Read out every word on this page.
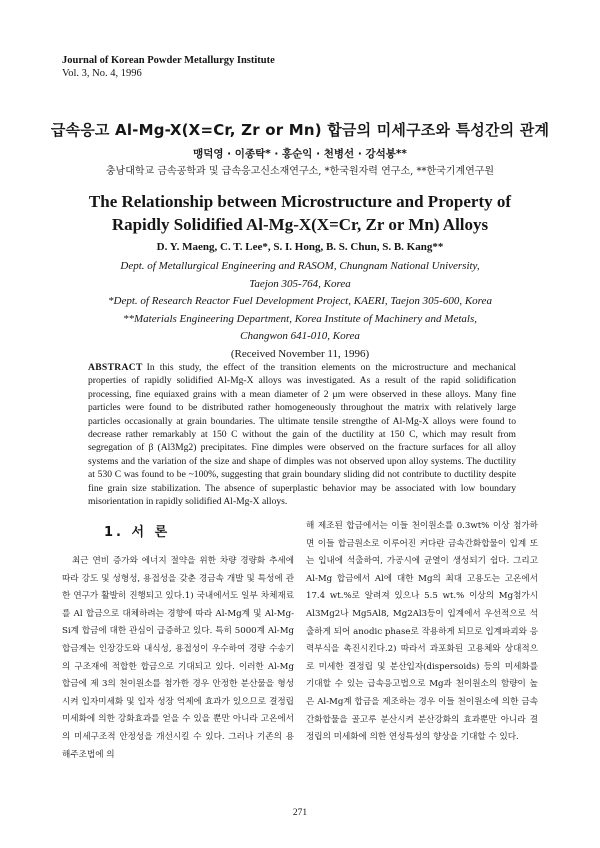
Journal of Korean Powder Metallurgy Institute
Vol. 3, No. 4, 1996
급속응고 Al-Mg-X(X=Cr, Zr or Mn) 합금의 미세구조와 특성간의 관계
맹덕영 · 이종탁* · 홍순익 · 천병선 · 강석봉**
충남대학교 금속공학과 및 급속응고신소재연구소, *한국원자력 연구소, **한국기계연구원
The Relationship between Microstructure and Property of
Rapidly Solidified Al-Mg-X(X=Cr, Zr or Mn) Alloys
D. Y. Maeng, C. T. Lee*, S. I. Hong, B. S. Chun, S. B. Kang**
Dept. of Metallurgical Engineering and RASOM, Chungnam National University,
Taejon 305-764, Korea
*Dept. of Research Reactor Fuel Development Project, KAERI, Taejon 305-600, Korea
**Materials Engineering Department, Korea Institute of Machinery and Metals,
Changwon 641-010, Korea
(Received November 11, 1996)
ABSTRACT In this study, the effect of the transition elements on the microstructure and mechanical properties of rapidly solidified Al-Mg-X alloys was investigated. As a result of the rapid solidification processing, fine equiaxed grains with a mean diameter of 2 μm were observed in these alloys. Many fine particles were found to be distributed rather homogeneously throughout the matrix with relatively large particles occasionally at grain boundaries. The ultimate tensile strengthe of Al-Mg-X alloys were found to decrease rather remarkably at 150 C without the gain of the ductility at 150 C, which may result from segregation of β (Al3Mg2) precipitates. Fine dimples were observed on the fracture surfaces for all alloy systems and the variation of the size and shape of dimples was not observed upon alloy systems. The ductility at 530 C was found to be ~100%, suggesting that grain boundary sliding did not contribute to ductility despite fine grain size stabilization. The absence of superplastic behavior may be associated with low boundary misorientation in rapidly solidified Al-Mg-X alloys.
1. 서 론

최근 연비 증가와 에너지 절약을 위한 차량 경량화 추세에 따라 강도 및 성형성, 용접성을 갖춘 경금속 개발 및 특성에 관한 연구가 활발히 진행되고 있다.1) 국내에서도 일부 차체재료를 Al 합금으로 대체하려는 경향에 따라 Al-Mg계 및 Al-Mg-Si계 합금에 대한 관심이 급증하고 있다. 특히 5000계 Al-Mg 합금계는 인장강도와 내식성, 용접성이 우수하여 경량 수송기의 구조재에 적합한 합금으로 기대되고 있다. 이러한 Al-Mg 합금에 제 3의 천이원소를 첨가한 경우 안정한 분산물을 형성시켜 입자미세화 및 입자 성장 억제에 효과가 있으므로 결정립미세화에 의한 강화효과를 얻을 수 있을 뿐만 아니라 고온에서의 미세구조적 안정성을 개선시킬 수 있다. 그러나 기존의 용해주조법에 의

해 제조된 합금에서는 이들 천이원소를 0.3wt% 이상 첨가하면 이들 합금원소로 이루어진 커다란 금속간화합물이 입계 또는 입내에 석출하여, 가공시에 균열이 생성되기 쉽다. 그리고 Al-Mg 합금에서 Al에 대한 Mg의 최대 고용도는 고온에서 17.4 wt.%로 알려져 있으나 5.5 wt.% 이상의 Mg첨가시 Al3Mg2나 Mg5Al8, Mg2Al3등이 입계에서 우선적으로 석출하게 되어 anodic phase로 작용하게 되므로 입계파괴와 응력부식을 촉진시킨다.2) 따라서 과포화된 고용체와 상대적으로 미세한 결정립 및 분산입자(dispersoids) 등의 미세화를 기대할 수 있는 급속응고법으로 Mg과 천이원소의 함량이 높은 Al-Mg계 합금을 제조하는 경우 이들 천이원소에 의한 금속간화합물을 골고루 분산시켜 분산강화의 효과뿐만 아니라 결정립의 미세화에 의한 연성특성의 향상을 기대할 수 있다.

271
